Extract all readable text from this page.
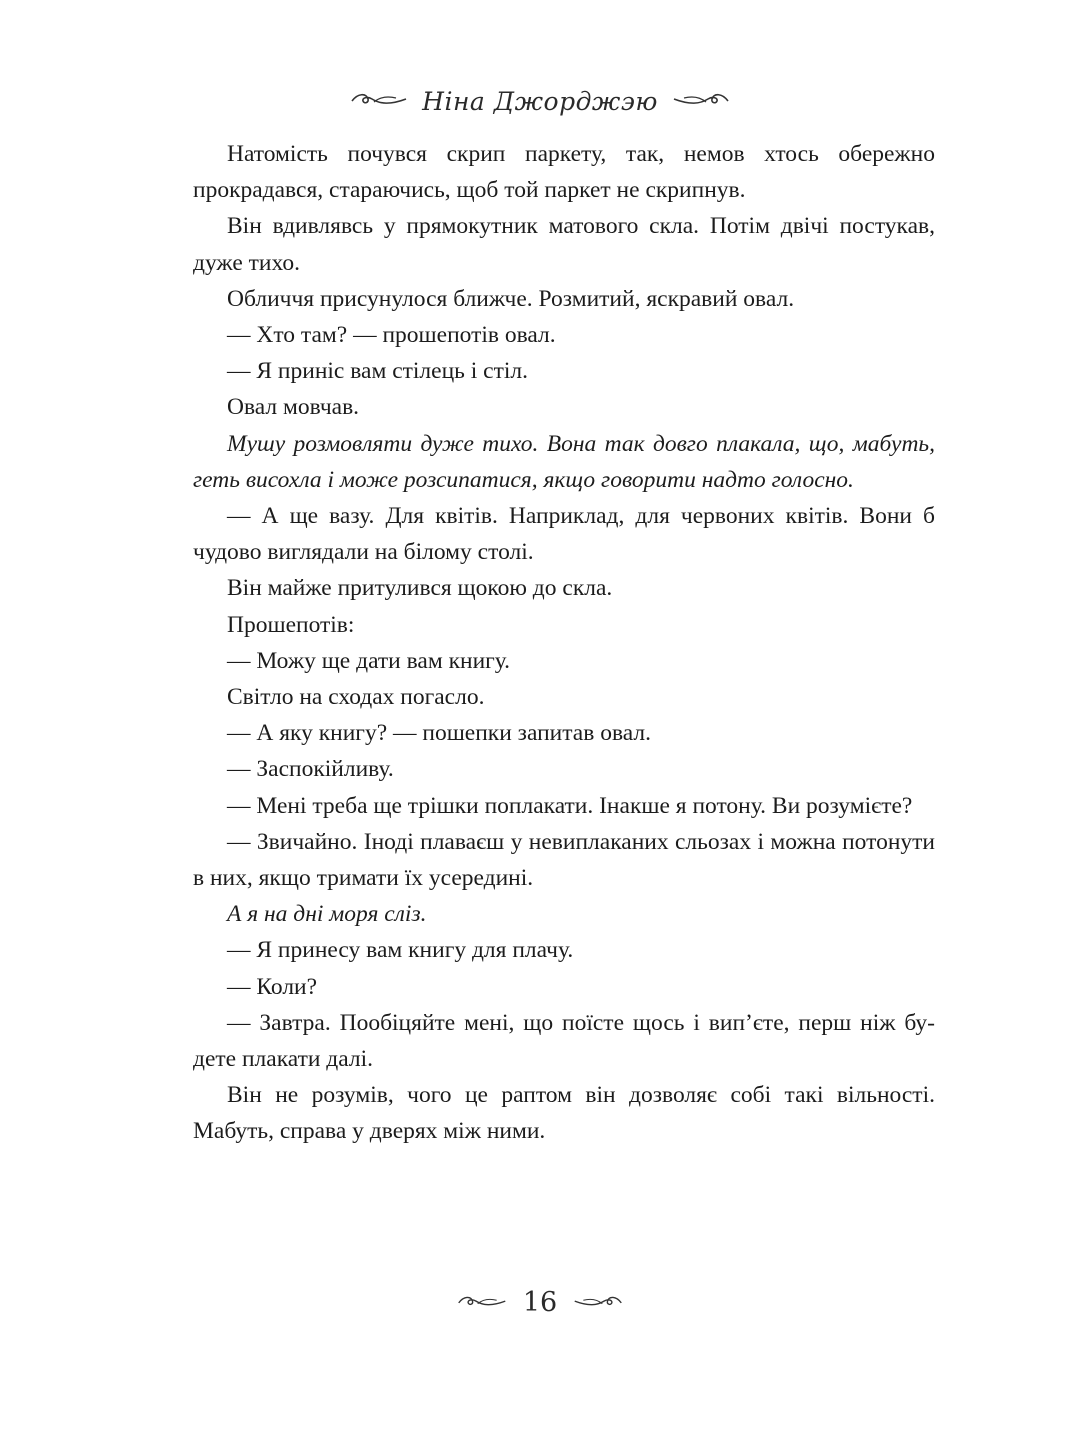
Ніна Джорджэю

Натомість почувся скрип паркету, так, немов хтось обережно прокрадався, стараючись, щоб той паркет не скрипнув.

Він вдивлявсь у прямокутник матового скла. Потім двічі постукав, дуже тихо.

Обличчя присунулося ближче. Розмитий, яскравий овал.

— Хто там? — прошепотів овал.

— Я приніс вам стілець і стіл.

Овал мовчав.

Мушу розмовляти дуже тихо. Вона так довго плакала, що, мабуть, геть висохла і може розсипатися, якщо говорити надто голосно.

— А ще вазу. Для квітів. Наприклад, для червоних квітів. Вони б чудово виглядали на білому столі.

Він майже притулився щокою до скла.

Прошепотів:

— Можу ще дати вам книгу.

Світло на сходах погасло.

— А яку книгу? — пошепки запитав овал.

— Заспокійливу.

— Мені треба ще трішки поплакати. Інакше я потону. Ви розумієте?

— Звичайно. Іноді плаваєш у невиплаканих сльозах і можна потонути в них, якщо тримати їх усередині.

А я на дні моря сліз.

— Я принесу вам книгу для плачу.

— Коли?

— Завтра. Пообіцяйте мені, що поїсте щось і вип’єте, перш ніж будете плакати далі.

Він не розумів, чого це раптом він дозволяє собі такі вільності. Мабуть, справа у дверях між ними.

16
